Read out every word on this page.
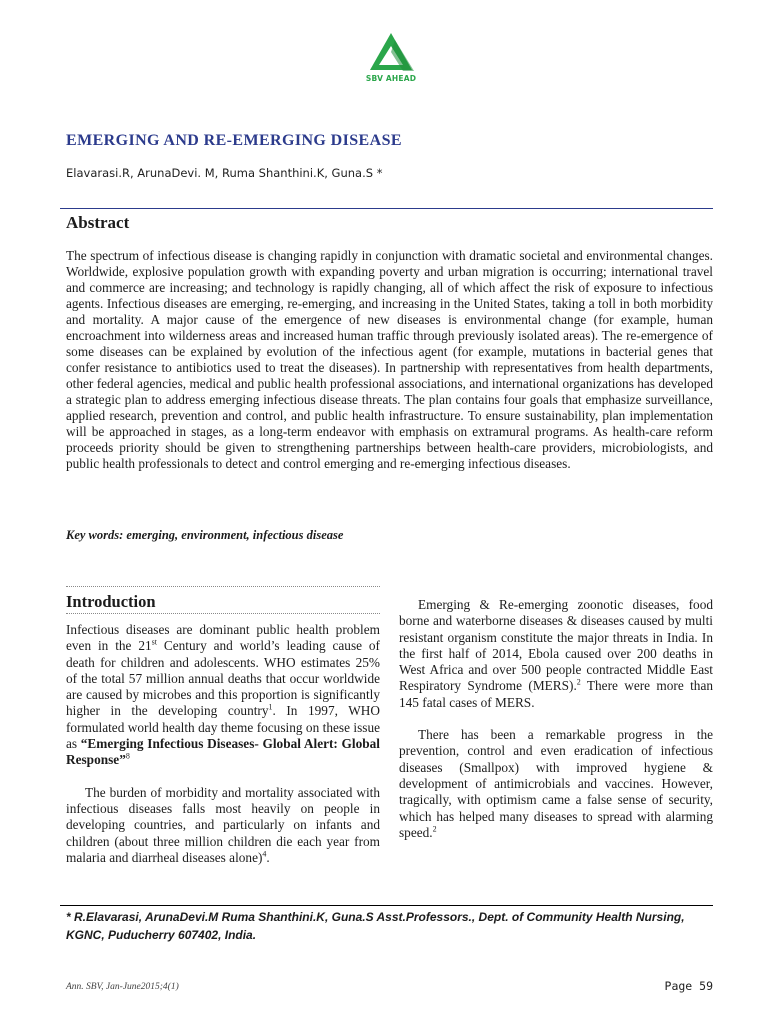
SBV AHEAD
EMERGING AND RE-EMERGING DISEASE
Elavarasi.R, ArunaDevi. M, Ruma Shanthini.K, Guna.S *
Abstract

The spectrum of infectious disease is changing rapidly in conjunction with dramatic societal and environmental changes. Worldwide, explosive population growth with expanding poverty and urban migration is occurring; international travel and commerce are increasing; and technology is rapidly changing, all of which affect the risk of exposure to infectious agents. Infectious diseases are emerging, re-emerging, and increasing in the United States, taking a toll in both morbidity and mortality. A major cause of the emergence of new diseases is environmental change (for example, human encroachment into wilderness areas and increased human traffic through previously isolated areas). The re-emergence of some diseases can be explained by evolution of the infectious agent (for example, mutations in bacterial genes that confer resistance to antibiotics used to treat the diseases). In partnership with representatives from health departments, other federal agencies, medical and public health professional associations, and international organizations has developed a strategic plan to address emerging infectious disease threats. The plan contains four goals that emphasize surveillance, applied research, prevention and control, and public health infrastructure. To ensure sustainability, plan implementation will be approached in stages, as a long-term endeavor with emphasis on extramural programs. As health-care reform proceeds priority should be given to strengthening partnerships between health-care providers, microbiologists, and public health professionals to detect and control emerging and re-emerging infectious diseases.

Key words: emerging, environment, infectious disease
Introduction

Infectious diseases are dominant public health problem even in the 21st Century and world’s leading cause of death for children and adolescents. WHO estimates 25% of the total 57 million annual deaths that occur worldwide are caused by microbes and this proportion is significantly higher in the developing country$^1$. In 1997, WHO formulated world health day theme focusing on these issue as “Emerging Infectious Diseases- Global Alert: Global Response”$^8$

The burden of morbidity and mortality associated with infectious diseases falls most heavily on people in developing countries, and particularly on infants and children (about three million children die each year from malaria and diarrheal diseases alone)$^4$.

Emerging & Re-emerging zoonotic diseases, food borne and waterborne diseases & diseases caused by multi resistant organism constitute the major threats in India. In the first half of 2014, Ebola caused over 200 deaths in West Africa and over 500 people contracted Middle East Respiratory Syndrome (MERS).$^2$ There were more than 145 fatal cases of MERS.

There has been a remarkable progress in the prevention, control and even eradication of infectious diseases (Smallpox) with improved hygiene & development of antimicrobials and vaccines. However, tragically, with optimism came a false sense of security, which has helped many diseases to spread with alarming speed.$^2$

* R.Elavarasi, ArunaDevi.M Ruma Shanthini.K, Guna.S Asst.Professors., Dept. of Community Health Nursing, KGNC, Puducherry 607402, India.

Ann. SBV, Jan-June2015;4(1)	Page 59
